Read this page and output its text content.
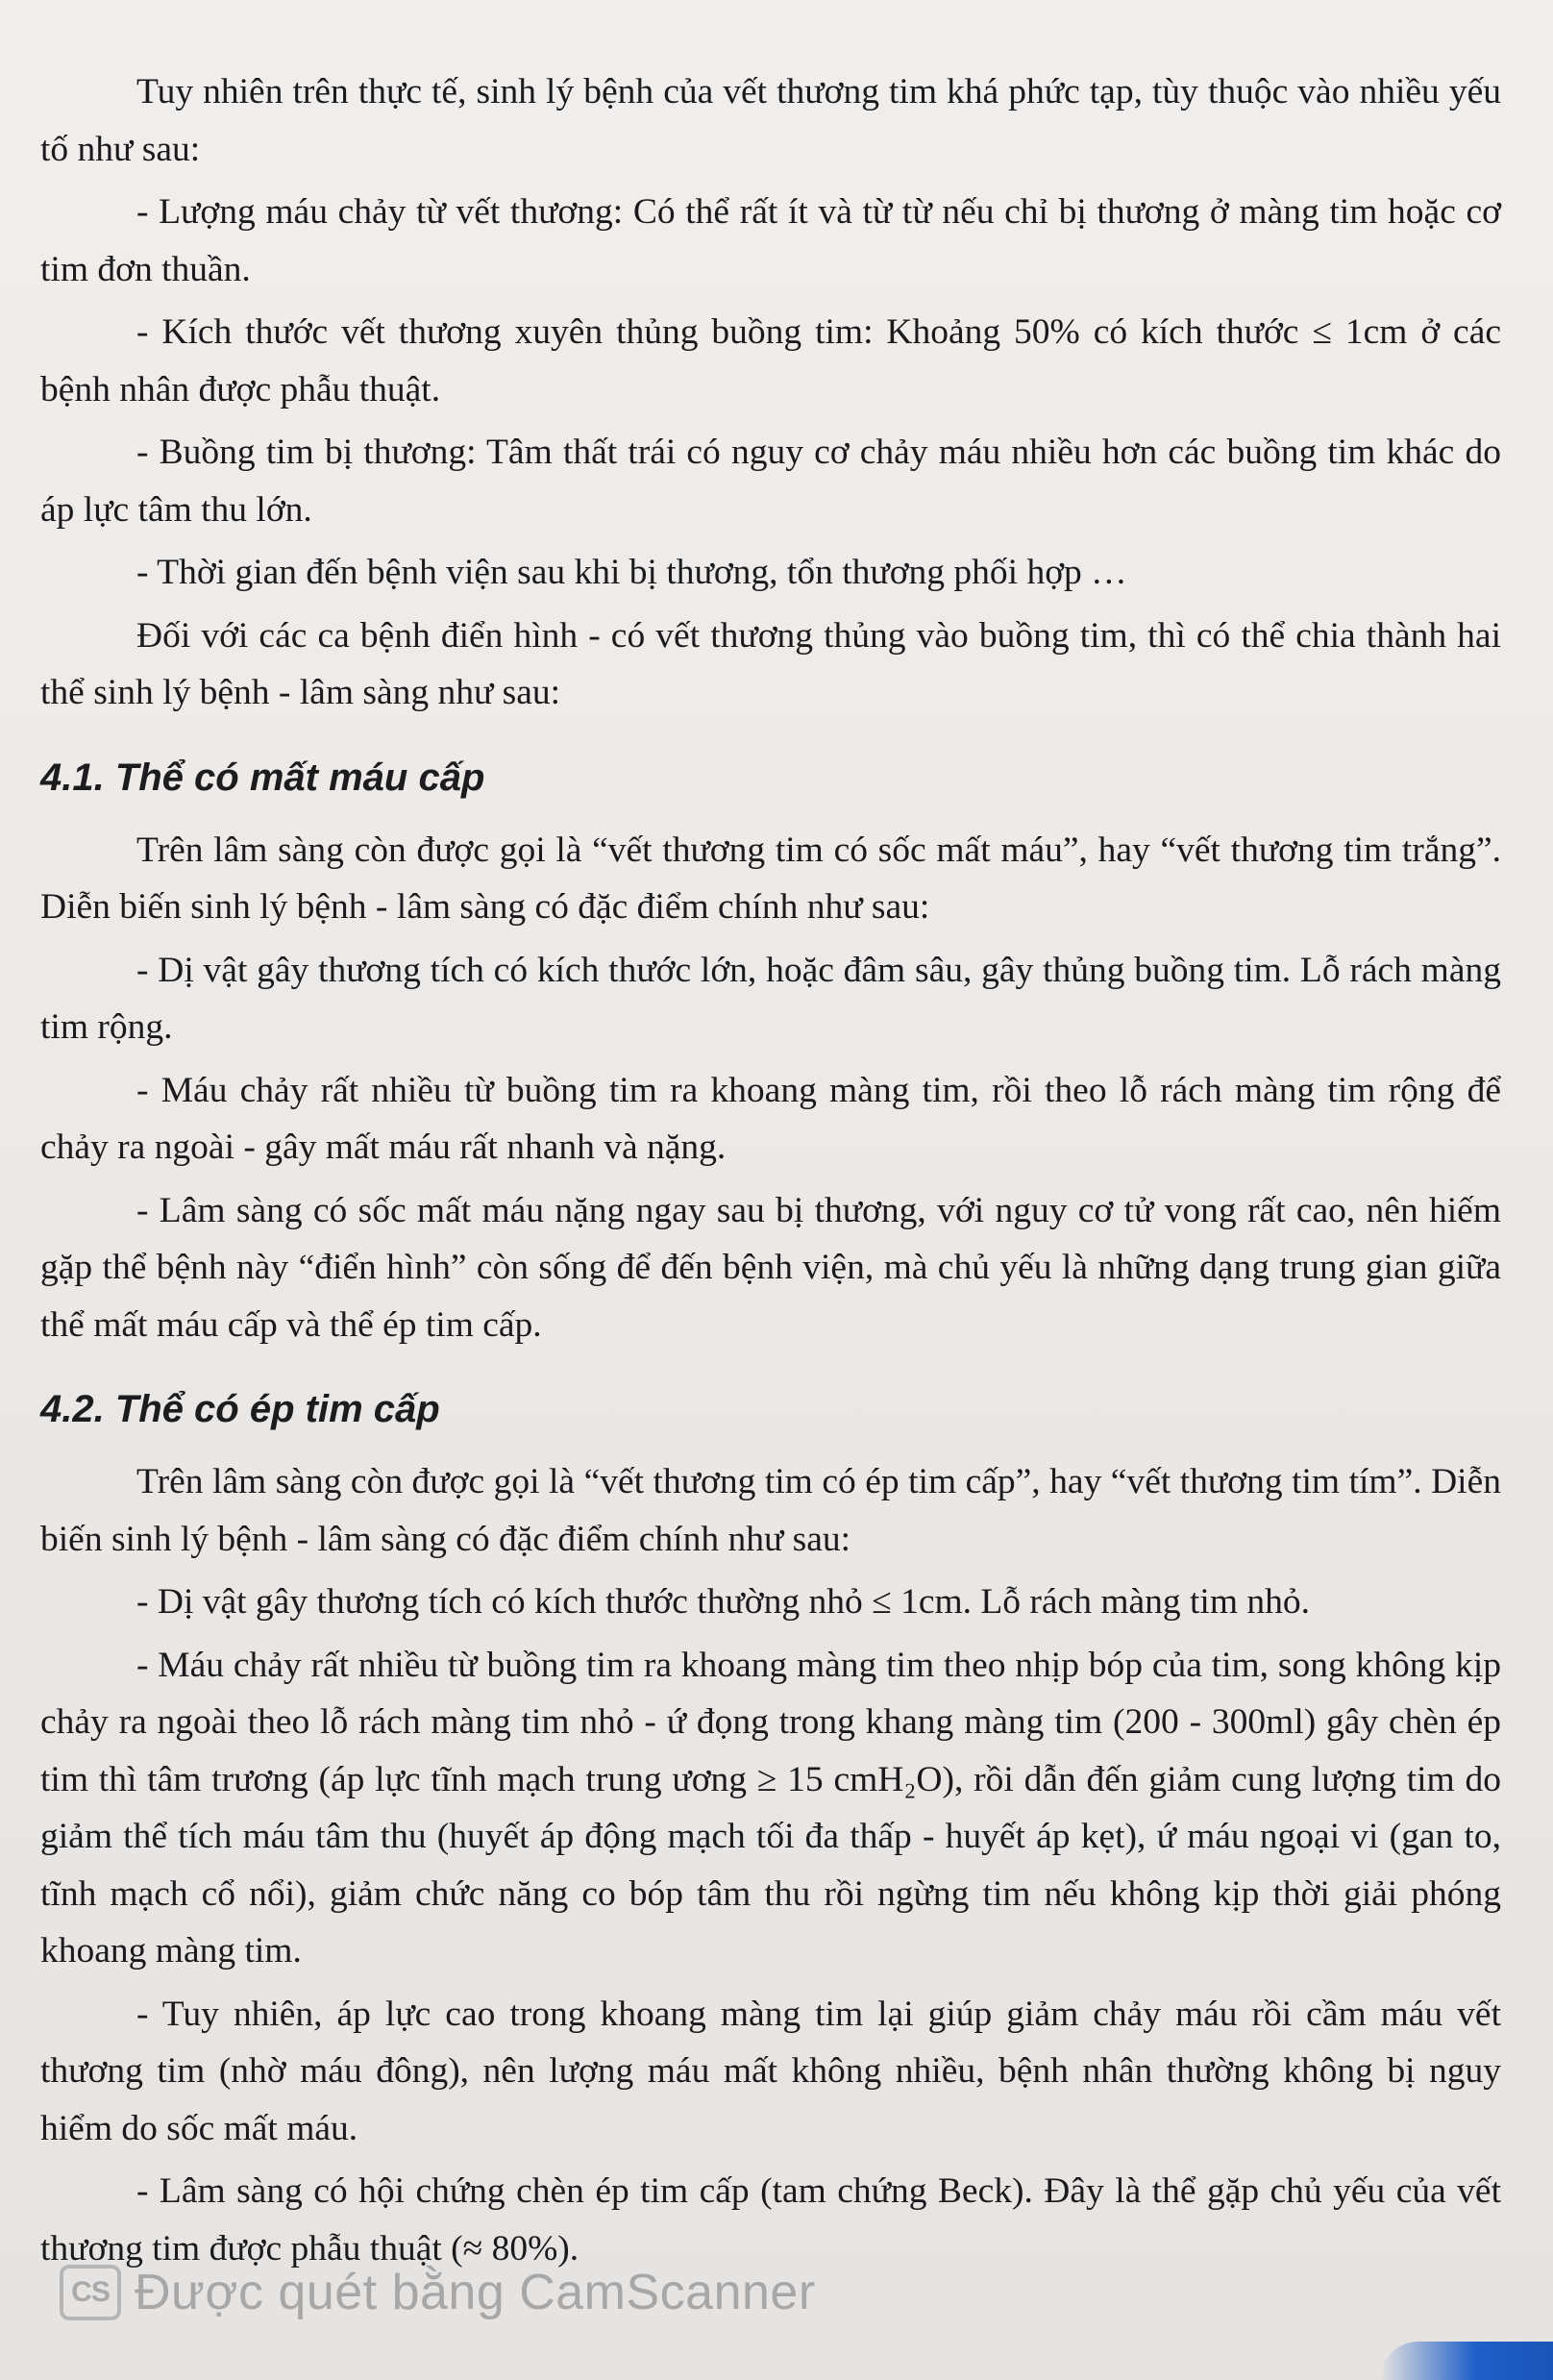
Tuy nhiên trên thực tế, sinh lý bệnh của vết thương tim khá phức tạp, tùy thuộc vào nhiều yếu tố như sau:

- Lượng máu chảy từ vết thương: Có thể rất ít và từ từ nếu chỉ bị thương ở màng tim hoặc cơ tim đơn thuần.

- Kích thước vết thương xuyên thủng buồng tim: Khoảng 50% có kích thước ≤ 1cm ở các bệnh nhân được phẫu thuật.

- Buồng tim bị thương: Tâm thất trái có nguy cơ chảy máu nhiều hơn các buồng tim khác do áp lực tâm thu lớn.

- Thời gian đến bệnh viện sau khi bị thương, tổn thương phối hợp …

Đối với các ca bệnh điển hình - có vết thương thủng vào buồng tim, thì có thể chia thành hai thể sinh lý bệnh - lâm sàng như sau:

4.1. Thể có mất máu cấp

Trên lâm sàng còn được gọi là “vết thương tim có sốc mất máu”, hay “vết thương tim trắng”. Diễn biến sinh lý bệnh - lâm sàng có đặc điểm chính như sau:

- Dị vật gây thương tích có kích thước lớn, hoặc đâm sâu, gây thủng buồng tim. Lỗ rách màng tim rộng.

- Máu chảy rất nhiều từ buồng tim ra khoang màng tim, rồi theo lỗ rách màng tim rộng để chảy ra ngoài - gây mất máu rất nhanh và nặng.

- Lâm sàng có sốc mất máu nặng ngay sau bị thương, với nguy cơ tử vong rất cao, nên hiếm gặp thể bệnh này “điển hình” còn sống để đến bệnh viện, mà chủ yếu là những dạng trung gian giữa thể mất máu cấp và thể ép tim cấp.

4.2. Thể có ép tim cấp

Trên lâm sàng còn được gọi là “vết thương tim có ép tim cấp”, hay “vết thương tim tím”. Diễn biến sinh lý bệnh - lâm sàng có đặc điểm chính như sau:

- Dị vật gây thương tích có kích thước thường nhỏ ≤ 1cm. Lỗ rách màng tim nhỏ.

- Máu chảy rất nhiều từ buồng tim ra khoang màng tim theo nhịp bóp của tim, song không kịp chảy ra ngoài theo lỗ rách màng tim nhỏ - ứ đọng trong khang màng tim (200 - 300ml) gây chèn ép tim thì tâm trương (áp lực tĩnh mạch trung ương ≥ 15 cmH₂O), rồi dẫn đến giảm cung lượng tim do giảm thể tích máu tâm thu (huyết áp động mạch tối đa thấp - huyết áp kẹt), ứ máu ngoại vi (gan to, tĩnh mạch cổ nổi), giảm chức năng co bóp tâm thu rồi ngừng tim nếu không kịp thời giải phóng khoang màng tim.

- Tuy nhiên, áp lực cao trong khoang màng tim lại giúp giảm chảy máu rồi cầm máu vết thương tim (nhờ máu đông), nên lượng máu mất không nhiều, bệnh nhân thường không bị nguy hiểm do sốc mất máu.

- Lâm sàng có hội chứng chèn ép tim cấp (tam chứng Beck). Đây là thể gặp chủ yếu của vết thương tim được phẫu thuật (≈ 80%).

CS Được quét bằng CamScanner
